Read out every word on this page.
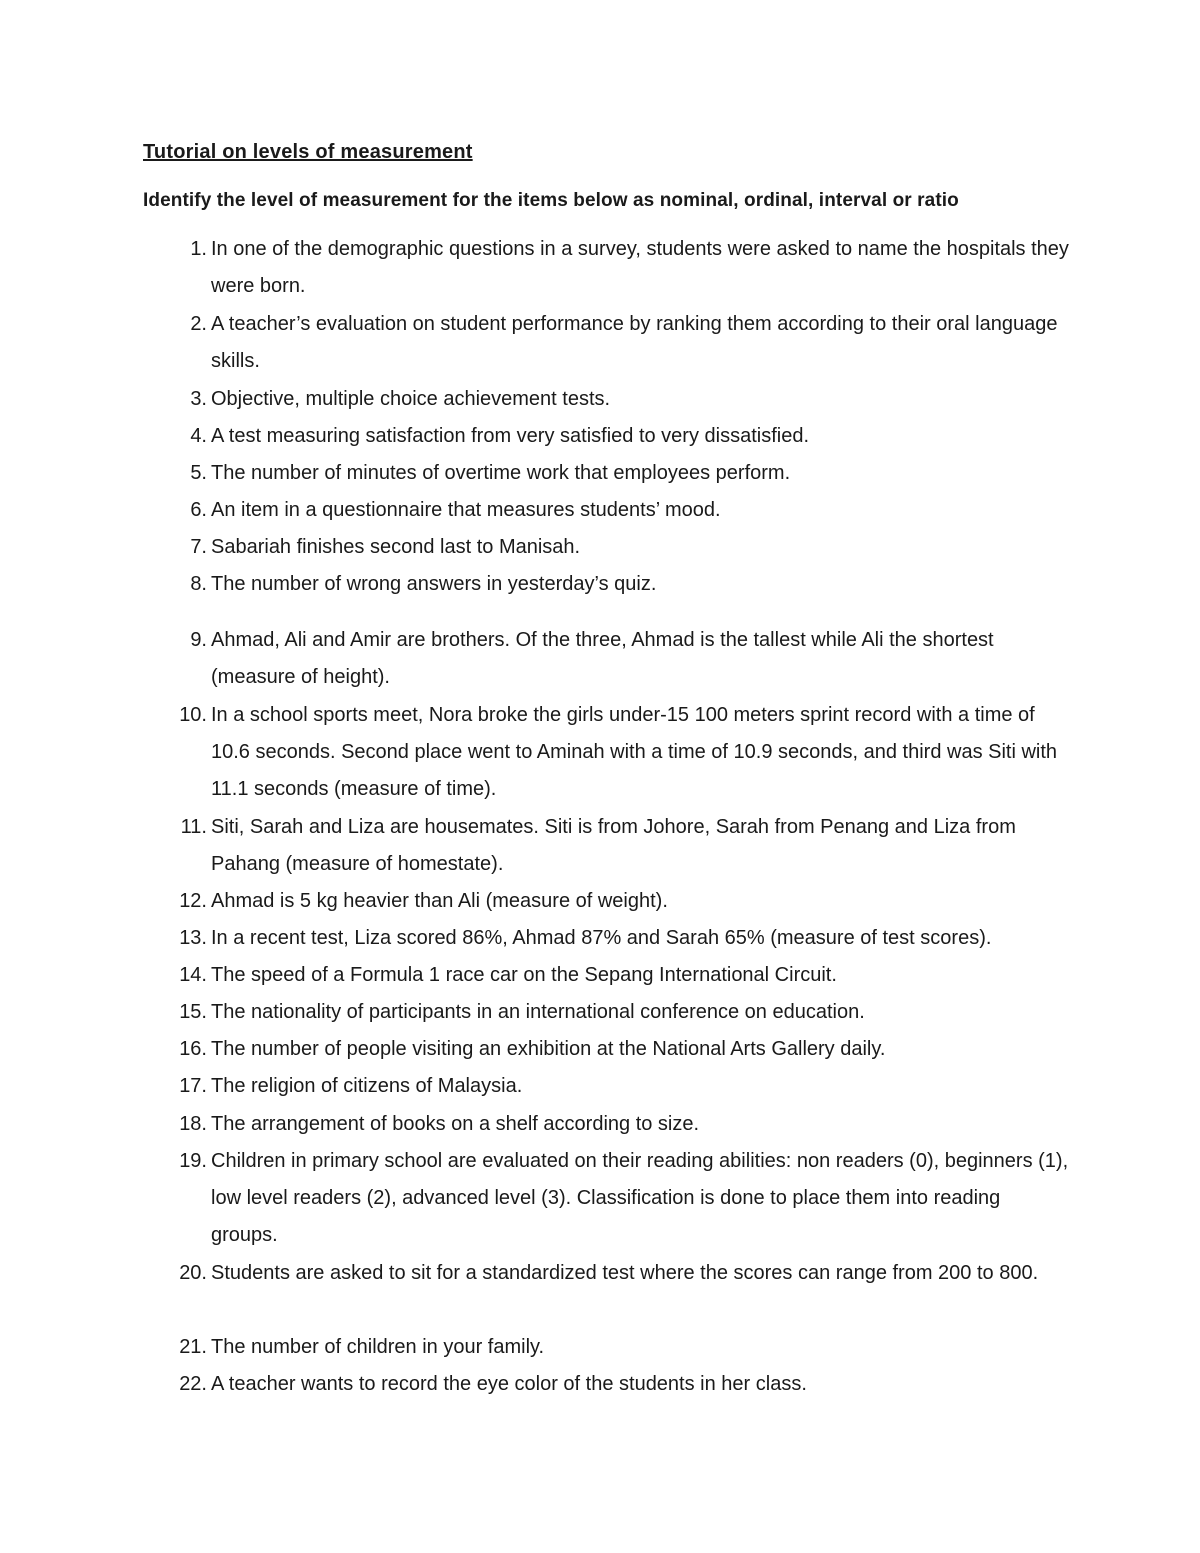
Tutorial on levels of measurement
Identify the level of measurement for the items below as nominal, ordinal, interval or ratio
1. In one of the demographic questions in a survey, students were asked to name the hospitals they were born.
2. A teacher’s evaluation on student performance by ranking them according to their oral language skills.
3. Objective, multiple choice achievement tests.
4. A test measuring satisfaction from very satisfied to very dissatisfied.
5. The number of minutes of overtime work that employees perform.
6. An item in a questionnaire that measures students’ mood.
7. Sabariah finishes second last to Manisah.
8. The number of wrong answers in yesterday’s quiz.
9. Ahmad, Ali and Amir are brothers. Of the three, Ahmad is the tallest while Ali the shortest (measure of height).
10. In a school sports meet, Nora broke the girls under-15 100 meters sprint record with a time of 10.6 seconds. Second place went to Aminah with a time of 10.9 seconds, and third was Siti with 11.1 seconds (measure of time).
11. Siti, Sarah and Liza are housemates. Siti is from Johore, Sarah from Penang and Liza from Pahang (measure of homestate).
12. Ahmad is 5 kg heavier than Ali (measure of weight).
13. In a recent test, Liza scored 86%, Ahmad 87% and Sarah 65% (measure of test scores).
14. The speed of a Formula 1 race car on the Sepang International Circuit.
15. The nationality of participants in an international conference on education.
16. The number of people visiting an exhibition at the National Arts Gallery daily.
17. The religion of citizens of Malaysia.
18. The arrangement of books on a shelf according to size.
19. Children in primary school are evaluated on their reading abilities: non readers (0), beginners (1), low level readers (2), advanced level (3). Classification is done to place them into reading groups.
20. Students are asked to sit for a standardized test where the scores can range from 200 to 800.
21. The number of children in your family.
22. A teacher wants to record the eye color of the students in her class.
